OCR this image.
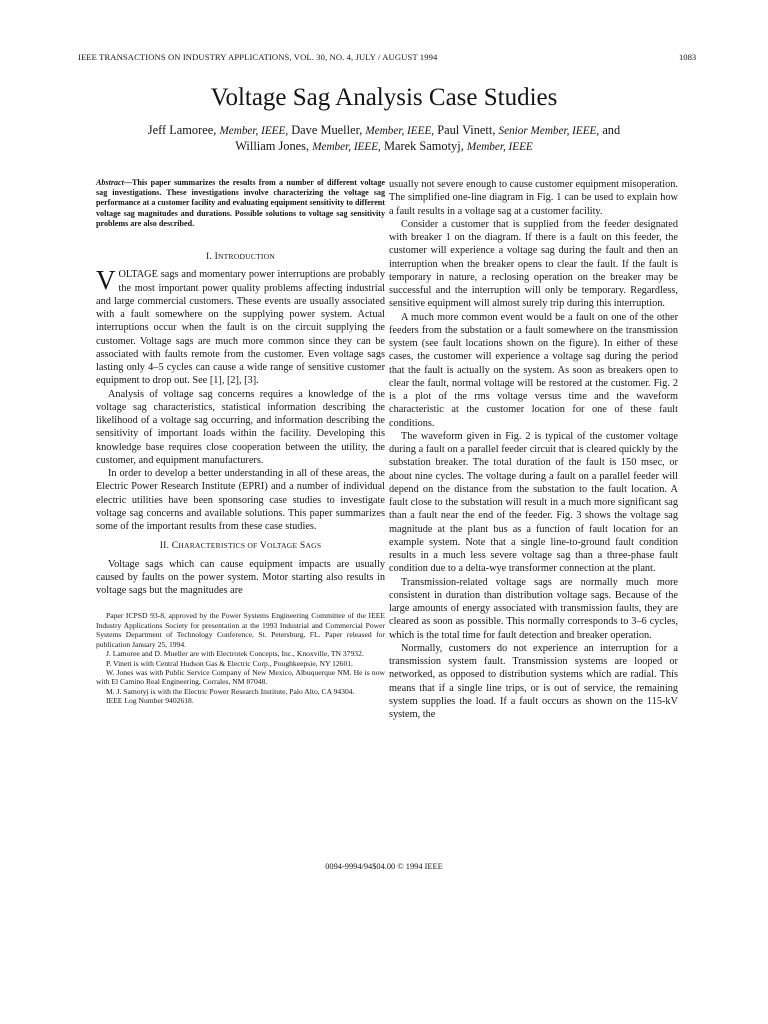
IEEE TRANSACTIONS ON INDUSTRY APPLICATIONS, VOL. 30, NO. 4, JULY / AUGUST 1994	1083
Voltage Sag Analysis Case Studies
Jeff Lamoree, Member, IEEE, Dave Mueller, Member, IEEE, Paul Vinett, Senior Member, IEEE, and
William Jones, Member, IEEE, Marek Samotyj, Member, IEEE

Abstract—This paper summarizes the results from a number of different voltage sag investigations. These investigations involve characterizing the voltage sag performance at a customer facility and evaluating equipment sensitivity to different voltage sag magnitudes and durations. Possible solutions to voltage sag sensitivity problems are also described.

I. INTRODUCTION

VOLTAGE sags and momentary power interruptions are probably the most important power quality problems affecting industrial and large commercial customers. These events are usually associated with a fault somewhere on the supplying power system. Actual interruptions occur when the fault is on the circuit supplying the customer. Voltage sags are much more common since they can be associated with faults remote from the customer. Even voltage sags lasting only 4–5 cycles can cause a wide range of sensitive customer equipment to drop out. See [1], [2], [3].

Analysis of voltage sag concerns requires a knowledge of the voltage sag characteristics, statistical information describing the likelihood of a voltage sag occurring, and information describing the sensitivity of important loads within the facility. Developing this knowledge base requires close cooperation between the utility, the customer, and equipment manufacturers.

In order to develop a better understanding in all of these areas, the Electric Power Research Institute (EPRI) and a number of individual electric utilities have been sponsoring case studies to investigate voltage sag concerns and available solutions. This paper summarizes some of the important results from these case studies.

II. CHARACTERISTICS OF VOLTAGE SAGS

Voltage sags which can cause equipment impacts are usually caused by faults on the power system. Motor starting also results in voltage sags but the magnitudes are

Paper ICPSD 93-8, approved by the Power Systems Engineering Committee of the IEEE Industry Applications Society for presentation at the 1993 Industrial and Commercial Power Systems Department of Technology Conference, St. Petersburg, FL. Paper released for publication January 25, 1994.

J. Lamoree and D. Mueller are with Electrotek Concepts, Inc., Knoxville, TN 37932.

P. Vinett is with Central Hudson Gas & Electric Corp., Poughkeepsie, NY 12601.

W. Jones was with Public Service Company of New Mexico, Albuquerque NM. He is now with El Camino Real Engineering, Corrales, NM 87048.

M. J. Samotyj is with the Electric Power Research Institute, Palo Alto, CA 94304.

IEEE Log Number 9402618.

usually not severe enough to cause customer equipment misoperation. The simplified one-line diagram in Fig. 1 can be used to explain how a fault results in a voltage sag at a customer facility.

Consider a customer that is supplied from the feeder designated with breaker 1 on the diagram. If there is a fault on this feeder, the customer will experience a voltage sag during the fault and then an interruption when the breaker opens to clear the fault. If the fault is temporary in nature, a reclosing operation on the breaker may be successful and the interruption will only be temporary. Regardless, sensitive equipment will almost surely trip during this interruption.

A much more common event would be a fault on one of the other feeders from the substation or a fault somewhere on the transmission system (see fault locations shown on the figure). In either of these cases, the customer will experience a voltage sag during the period that the fault is actually on the system. As soon as breakers open to clear the fault, normal voltage will be restored at the customer. Fig. 2 is a plot of the rms voltage versus time and the waveform characteristic at the customer location for one of these fault conditions.

The waveform given in Fig. 2 is typical of the customer voltage during a fault on a parallel feeder circuit that is cleared quickly by the substation breaker. The total duration of the fault is 150 msec, or about nine cycles. The voltage during a fault on a parallel feeder will depend on the distance from the substation to the fault location. A fault close to the substation will result in a much more significant sag than a fault near the end of the feeder. Fig. 3 shows the voltage sag magnitude at the plant bus as a function of fault location for an example system. Note that a single line-to-ground fault condition results in a much less severe voltage sag than a three-phase fault condition due to a delta-wye transformer connection at the plant.

Transmission-related voltage sags are normally much more consistent in duration than distribution voltage sags. Because of the large amounts of energy associated with transmission faults, they are cleared as soon as possible. This normally corresponds to 3–6 cycles, which is the total time for fault detection and breaker operation.

Normally, customers do not experience an interruption for a transmission system fault. Transmission systems are looped or networked, as opposed to distribution systems which are radial. This means that if a single line trips, or is out of service, the remaining system supplies the load. If a fault occurs as shown on the 115-kV system, the

0094-9994/94$04.00 © 1994 IEEE
